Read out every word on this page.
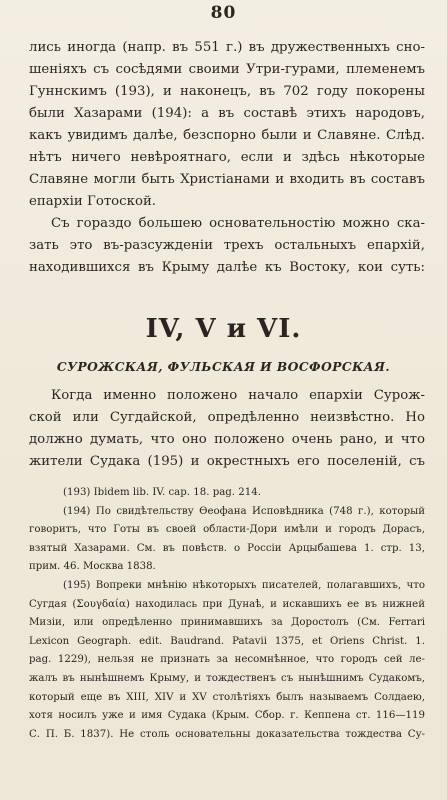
80
лись иногда (напр. въ 551 г.) въ дружественныхъ сно-
шеніяхъ съ сосѣдями своими Утри-гурами, племенемъ
Гуннскимъ (193), и наконецъ, въ 702 году покорены
были Хазарами (194): а въ составѣ этихъ народовъ,
какъ увидимъ далѣе, безспорно были и Славяне. Слѣд.
нѣтъ ничего невѣроятнаго, если и здѣсь нѣкоторые
Славяне могли быть Христіанами и входить въ составъ
епархіи Готоской.
Съ гораздо большею основательностію можно ска-
зать это въ-разсужденіи трехъ остальныхъ епархій,
находившихся въ Крыму далѣе къ Востоку, кои суть:
IV, V и VI.
СУРОЖСКАЯ, ФУЛЬСКАЯ И ВОСФОРСКАЯ.
Когда именно положено начало епархіи Сурож-
ской или Сугдайской, опредѣленно неизвѣстно. Но
должно думать, что оно положено очень рано, и что
жители Судака (195) и окрестныхъ его поселеній, съ
(193) Ibidem lib. IV. cap. 18. pag. 214.
(194) По свидѣтельству Ѳеофана Исповѣдника (748 г.), который
говоритъ, что Готы въ своей области-Дори имѣли и городъ Дорасъ,
взятый Хазарами. См. въ повѣств. о Россіи Арцыбашева 1. стр. 13,
прим. 46. Москва 1838.
(195) Вопреки мнѣнію нѣкоторыхъ писателей, полагавшихъ, что
Сугдая (Σουγδαία) находилась при Дунаѣ, и искавшихъ ее въ нижней
Мизіи, или опредѣленно принимавшихъ за Доростолъ (См. Ferrari
Lexicon Geograph. edit. Baudrand. Patavii 1375, et Oriens Christ. 1.
pag. 1229), нельзя не признать за несомнѣнное, что городъ сей ле-
жалъ въ нынѣшнемъ Крыму, и тождественъ съ нынѣшнимъ Судакомъ,
который еще въ XIII, XIV и XV столѣтіяхъ былъ называемъ Солдаею,
хотя носилъ уже и имя Судака (Крым. Сбор. г. Кеппена ст. 116—119
С. П. Б. 1837). Не столь основательны доказательства тождества Су-
